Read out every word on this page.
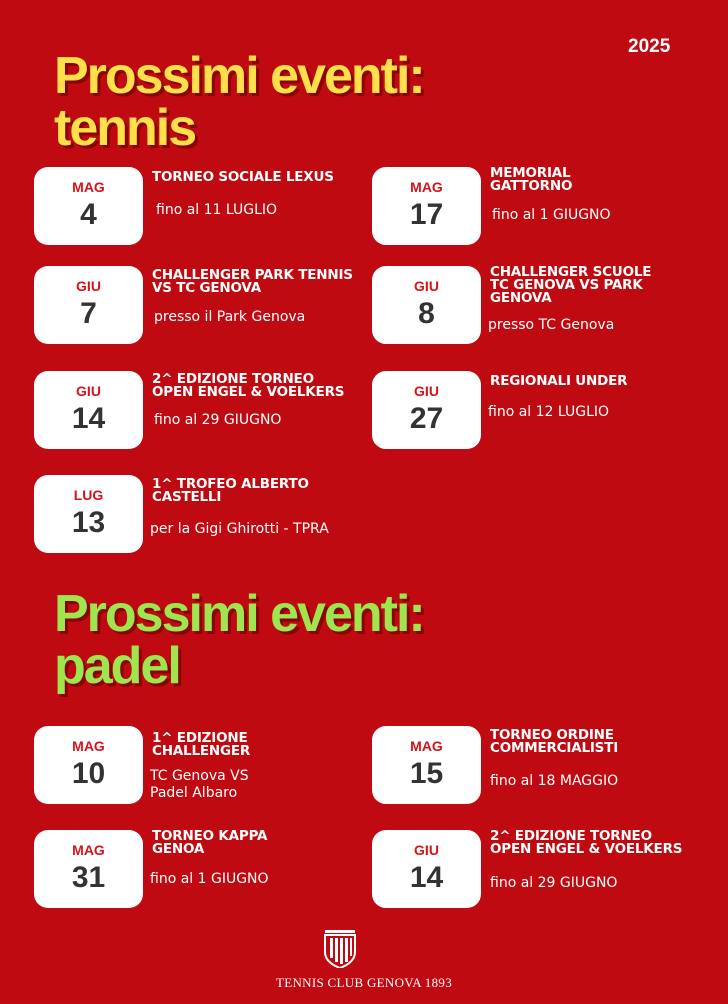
2025
Prossimi eventi:
tennis
MAG
4
TORNEO SOCIALE LEXUS
fino al 11 LUGLIO
MAG
17
MEMORIAL
GATTORNO
fino al 1 GIUGNO
GIU
7
CHALLENGER PARK TENNIS
VS TC GENOVA
presso il Park Genova
GIU
8
CHALLENGER SCUOLE
TC GENOVA VS PARK
GENOVA
presso TC Genova
GIU
14
2^ EDIZIONE TORNEO
OPEN ENGEL & VOELKERS
fino al 29 GIUGNO
GIU
27
REGIONALI UNDER
fino al 12 LUGLIO
LUG
13
1^ TROFEO ALBERTO
CASTELLI
per la Gigi Ghirotti - TPRA
Prossimi eventi:
padel
MAG
10
1^ EDIZIONE
CHALLENGER
TC Genova VS
Padel Albaro
MAG
15
TORNEO ORDINE
COMMERCIALISTI
fino al 18 MAGGIO
MAG
31
TORNEO KAPPA
GENOA
fino al 1 GIUGNO
GIU
14
2^ EDIZIONE TORNEO
OPEN ENGEL & VOELKERS
fino al 29 GIUGNO
TENNIS CLUB GENOVA 1893
